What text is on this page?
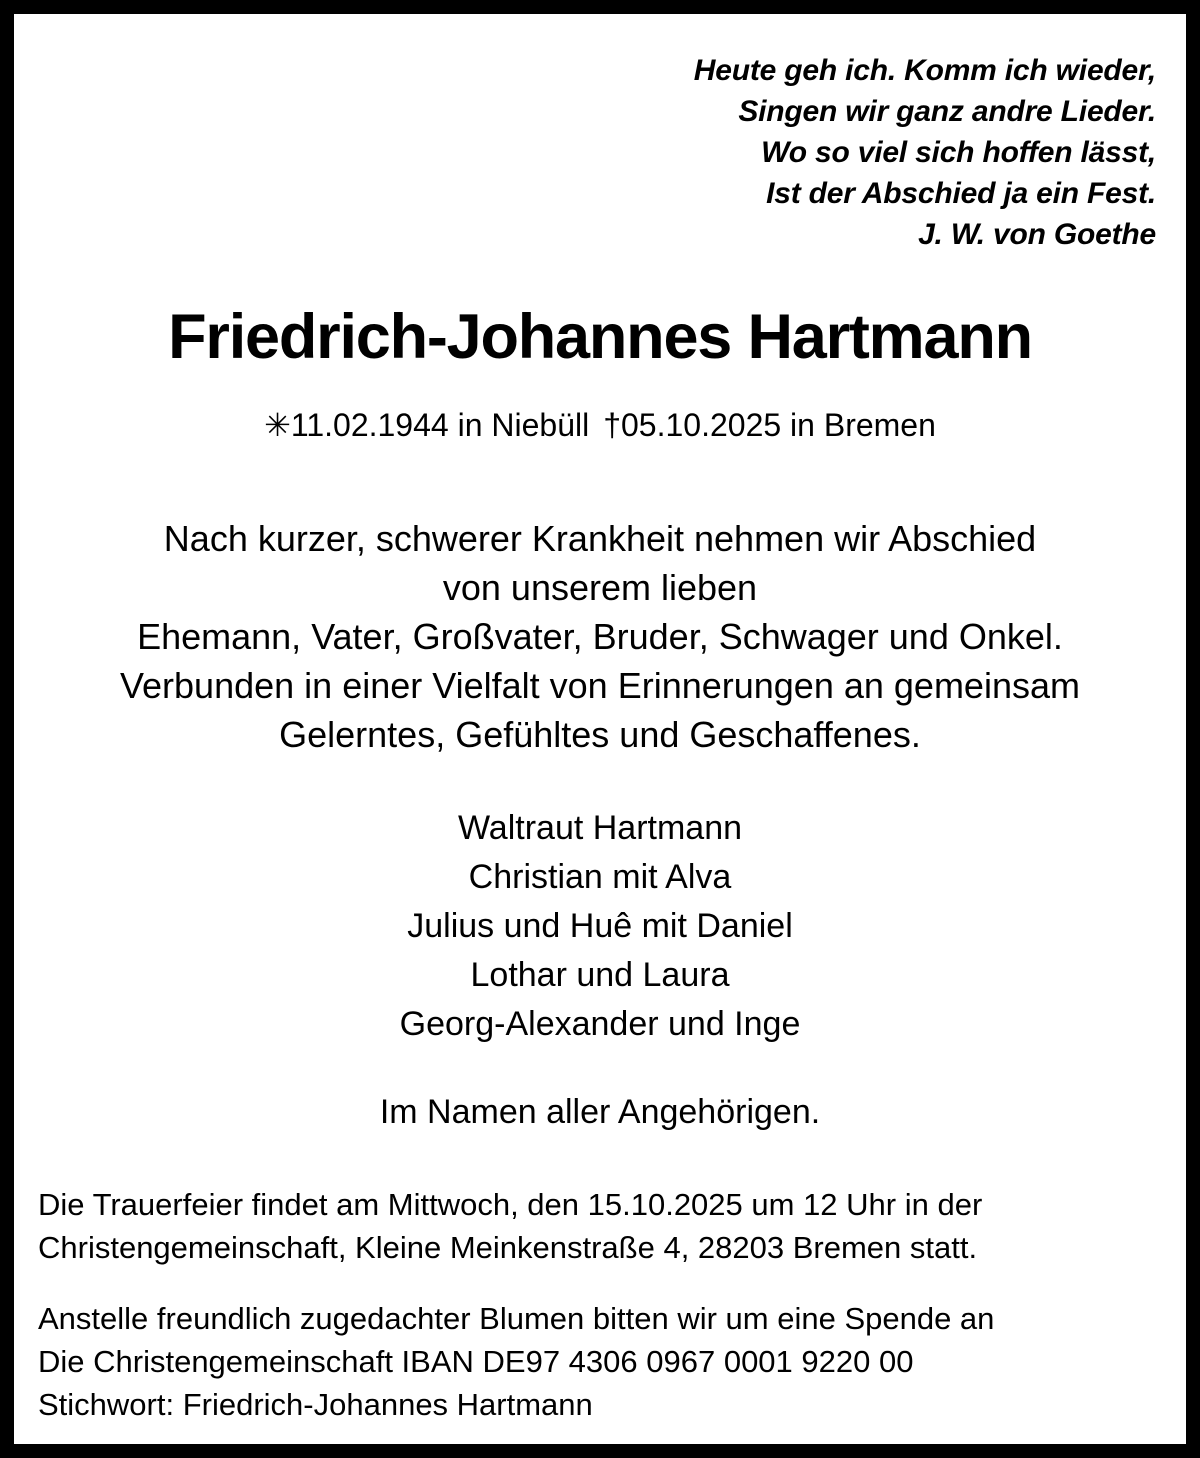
Heute geh ich. Komm ich wieder,
Singen wir ganz andre Lieder.
Wo so viel sich hoffen lässt,
Ist der Abschied ja ein Fest.
J. W. von Goethe
Friedrich-Johannes Hartmann
✳11.02.1944 in Niebüll †05.10.2025 in Bremen
Nach kurzer, schwerer Krankheit nehmen wir Abschied
von unserem lieben
Ehemann, Vater, Großvater, Bruder, Schwager und Onkel.
Verbunden in einer Vielfalt von Erinnerungen an gemeinsam
Gelerntes, Gefühltes und Geschaffenes.
Waltraut Hartmann
Christian mit Alva
Julius und Huê mit Daniel
Lothar und Laura
Georg-Alexander und Inge
Im Namen aller Angehörigen.
Die Trauerfeier findet am Mittwoch, den 15.10.2025 um 12 Uhr in der
Christengemeinschaft, Kleine Meinkenstraße 4, 28203 Bremen statt.
Anstelle freundlich zugedachter Blumen bitten wir um eine Spende an
Die Christengemeinschaft IBAN DE97 4306 0967 0001 9220 00
Stichwort: Friedrich-Johannes Hartmann
